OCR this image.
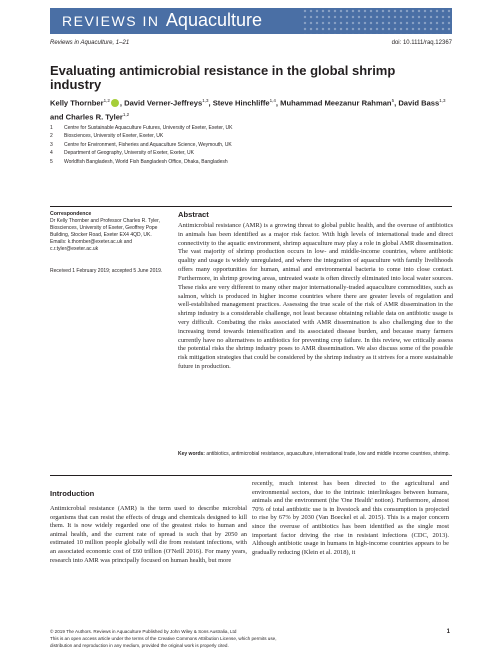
REVIEWS IN Aquaculture
Reviews in Aquaculture, 1–21	doi: 10.1111/raq.12367
Evaluating antimicrobial resistance in the global shrimp industry
Kelly Thornber$^{1,2}$ , David Verner-Jeffreys$^{1,3}$, Steve Hinchliffe$^{1,4}$, Muhammad Meezanur Rahman$^5$, David Bass$^{1,3}$ and Charles R. Tyler$^{1,2}$
1	Centre for Sustainable Aquaculture Futures, University of Exeter, Exeter, UK
2	Biosciences, University of Exeter, Exeter, UK
3	Centre for Environment, Fisheries and Aquaculture Science, Weymouth, UK
4	Department of Geography, University of Exeter, Exeter, UK
5	Worldfish Bangladesh, World Fish Bangladesh Office, Dhaka, Bangladesh
Correspondence
Dr Kelly Thornber and Professor Charles R. Tyler, Biosciences, University of Exeter, Geoffrey Pope Building, Stocker Road, Exeter EX4 4QD, UK. Emails: k.thornber@exeter.ac.uk and c.r.tyler@exeter.ac.uk
Received 1 February 2019; accepted 5 June 2019.
Abstract
Antimicrobial resistance (AMR) is a growing threat to global public health, and the overuse of antibiotics in animals has been identified as a major risk factor. With high levels of international trade and direct connectivity to the aquatic environment, shrimp aquaculture may play a role in global AMR dissemination. The vast majority of shrimp production occurs in low- and middle-income countries, where antibiotic quality and usage is widely unregulated, and where the integration of aquaculture with family livelihoods offers many opportunities for human, animal and environmental bacteria to come into close contact. Furthermore, in shrimp growing areas, untreated waste is often directly eliminated into local water sources. These risks are very different to many other major internationally-traded aquaculture commodities, such as salmon, which is produced in higher income countries where there are greater levels of regulation and well-established management practices. Assessing the true scale of the risk of AMR dissemination in the shrimp industry is a considerable challenge, not least because obtaining reliable data on antibiotic usage is very difficult. Combating the risks associated with AMR dissemination is also challenging due to the increasing trend towards intensification and its associated disease burden, and because many farmers currently have no alternatives to antibiotics for preventing crop failure. In this review, we critically assess the potential risks the shrimp industry poses to AMR dissemination. We also discuss some of the possible risk mitigation strategies that could be considered by the shrimp industry as it strives for a more sustainable future in production.
Key words: antibiotics, antimicrobial resistance, aquaculture, international trade, low and middle income countries, shrimp.
Introduction
Antimicrobial resistance (AMR) is the term used to describe microbial organisms that can resist the effects of drugs and chemicals designed to kill them. It is now widely regarded one of the greatest risks to human and animal health, and the current rate of spread is such that by 2050 an estimated 10 million people globally will die from resistant infections, with an associated economic cost of £60 trillion (O'Neill 2016). For many years, research into AMR was principally focused on human health, but more
recently, much interest has been directed to the agricultural and environmental sectors, due to the intrinsic interlinkages between humans, animals and the environment (the 'One Health' notion). Furthermore, almost 70% of total antibiotic use is in livestock and this consumption is projected to rise by 67% by 2030 (Van Boeckel et al. 2015). This is a major concern since the overuse of antibiotics has been identified as the single most important factor driving the rise in resistant infections (CDC, 2013). Although antibiotic usage in humans in high-income countries appears to be gradually reducing (Klein et al. 2018), it
© 2019 The Authors. Reviews in Aquaculture Published by John Wiley & Sons Australia, Ltd
This is an open access article under the terms of the Creative Commons Attribution License, which permits use,
distribution and reproduction in any medium, provided the original work is properly cited.
1
